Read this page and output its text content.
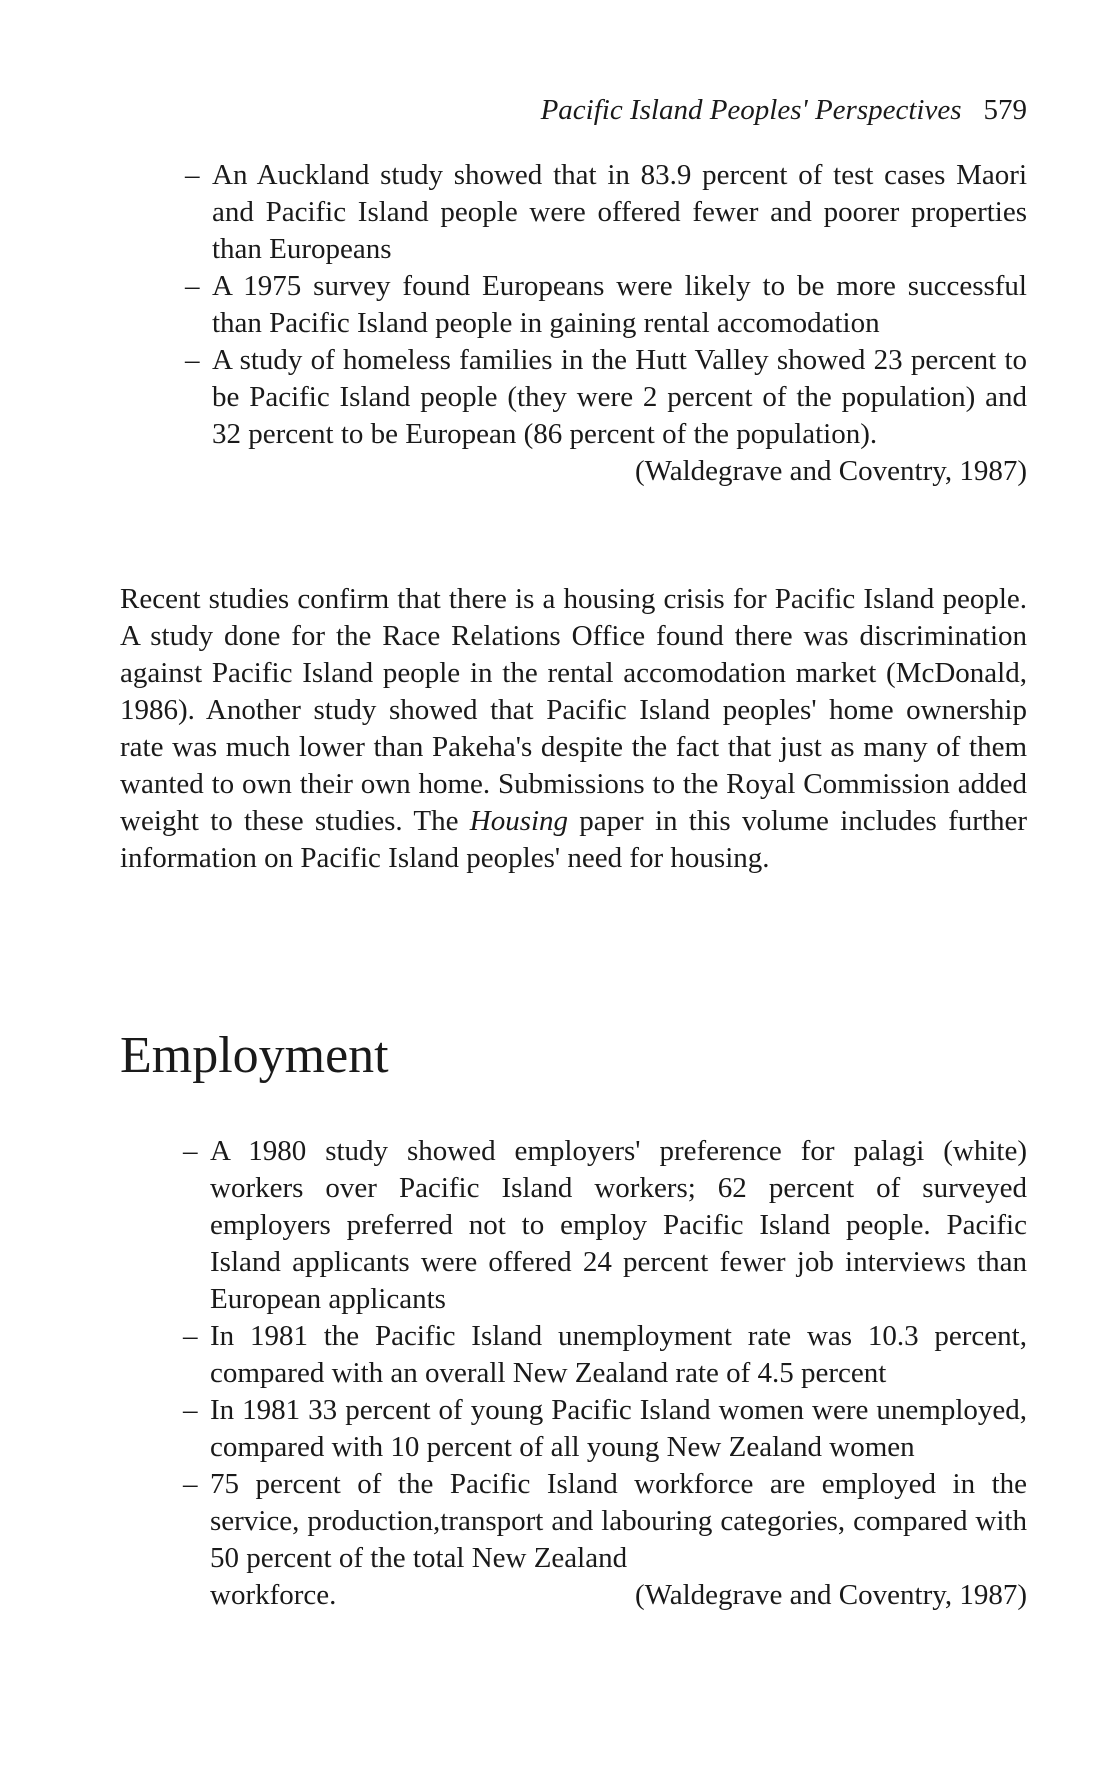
Pacific Island Peoples' Perspectives 579

– An Auckland study showed that in 83.9 percent of test cases Maori and Pacific Island people were offered fewer and poorer properties than Europeans

– A 1975 survey found Europeans were likely to be more successful than Pacific Island people in gaining rental accomodation

– A study of homeless families in the Hutt Valley showed 23 percent to be Pacific Island people (they were 2 percent of the population) and 32 percent to be European (86 percent of the population).

(Waldegrave and Coventry, 1987)

Recent studies confirm that there is a housing crisis for Pacific Island people. A study done for the Race Relations Office found there was discrimination against Pacific Island people in the rental accomodation market (McDonald, 1986). Another study showed that Pacific Island peoples' home ownership rate was much lower than Pakeha's despite the fact that just as many of them wanted to own their own home. Submissions to the Royal Commission added weight to these studies. The Housing paper in this volume includes further information on Pacific Island peoples' need for housing.

Employment

– A 1980 study showed employers' preference for palagi (white) workers over Pacific Island workers; 62 percent of surveyed employers preferred not to employ Pacific Island people. Pacific Island applicants were offered 24 percent fewer job interviews than European applicants

– In 1981 the Pacific Island unemployment rate was 10.3 percent, compared with an overall New Zealand rate of 4.5 percent

– In 1981 33 percent of young Pacific Island women were unemployed, compared with 10 percent of all young New Zealand women

– 75 percent of the Pacific Island workforce are employed in the service, production,transport and labouring categories, compared with 50 percent of the total New Zealand

workforce.	(Waldegrave and Coventry, 1987)
